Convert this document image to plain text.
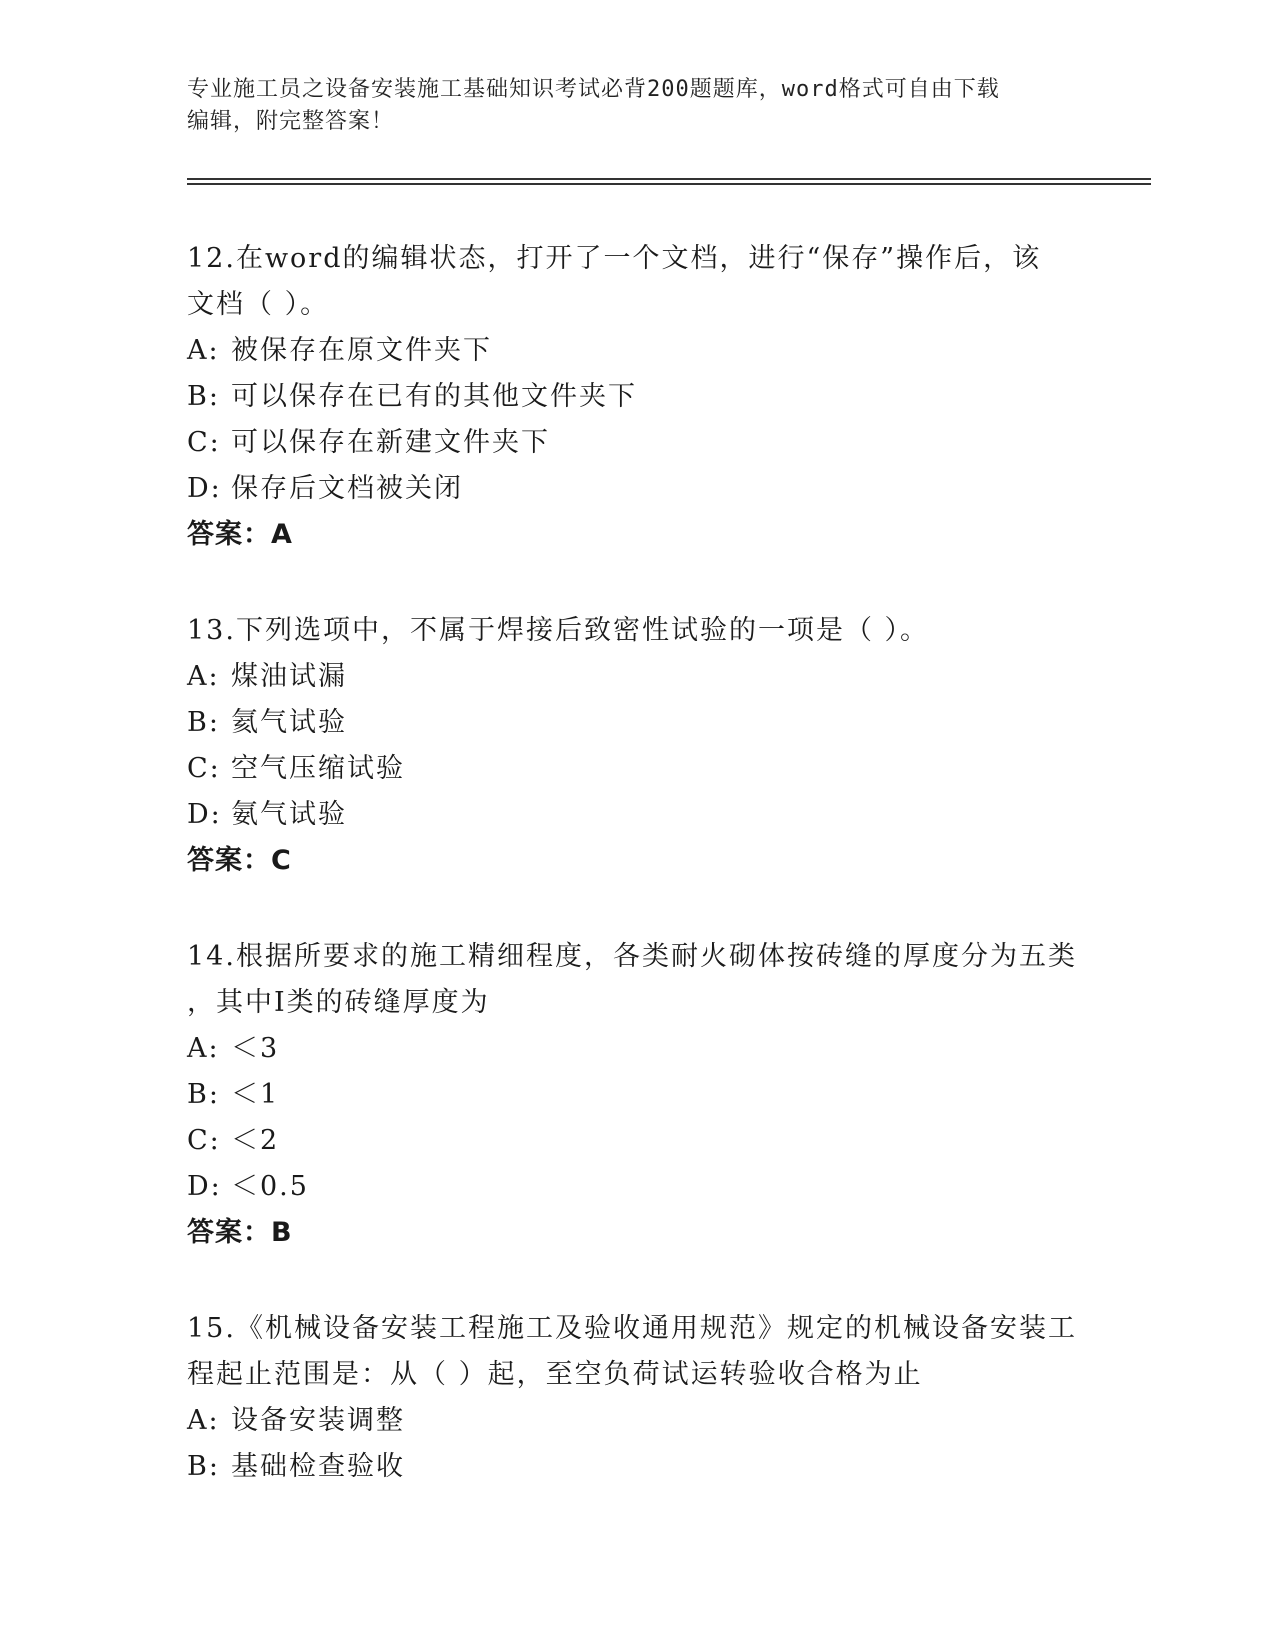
专业施工员之设备安装施工基础知识考试必背200题题库，word格式可自由下载
编辑，附完整答案！
12.在word的编辑状态，打开了一个文档，进行“保存”操作后，该
文档（ ）。
A: 被保存在原文件夹下
B: 可以保存在已有的其他文件夹下
C: 可以保存在新建文件夹下
D: 保存后文档被关闭
答案：A
13.下列选项中，不属于焊接后致密性试验的一项是（ ）。
A: 煤油试漏
B: 氦气试验
C: 空气压缩试验
D: 氨气试验
答案：C
14.根据所要求的施工精细程度，各类耐火砌体按砖缝的厚度分为五类
，其中I类的砖缝厚度为
A: ＜3
B: ＜1
C: ＜2
D: ＜0.5
答案：B
15.《机械设备安装工程施工及验收通用规范》规定的机械设备安装工
程起止范围是：从（ ）起，至空负荷试运转验收合格为止
A: 设备安装调整
B: 基础检查验收
